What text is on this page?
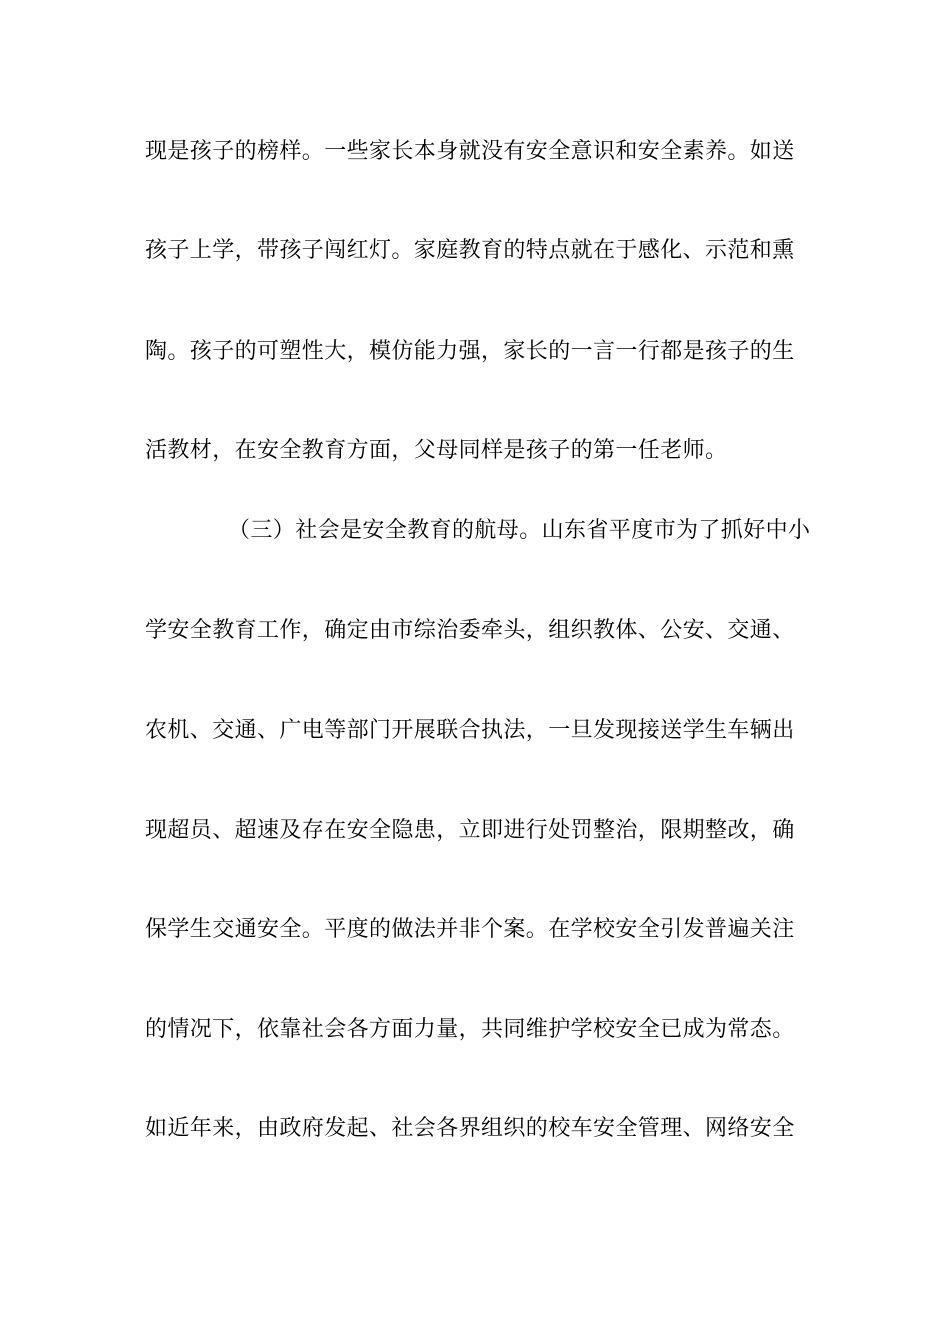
现是孩子的榜样。一些家长本身就没有安全意识和安全素养。如送
孩子上学，带孩子闯红灯。家庭教育的特点就在于感化、示范和熏
陶。孩子的可塑性大，模仿能力强，家长的一言一行都是孩子的生
活教材，在安全教育方面，父母同样是孩子的第一任老师。
（三）社会是安全教育的航母。山东省平度市为了抓好中小
学安全教育工作，确定由市综治委牵头，组织教体、公安、交通、
农机、交通、广电等部门开展联合执法，一旦发现接送学生车辆出
现超员、超速及存在安全隐患，立即进行处罚整治，限期整改，确
保学生交通安全。平度的做法并非个案。在学校安全引发普遍关注
的情况下，依靠社会各方面力量，共同维护学校安全已成为常态。
如近年来，由政府发起、社会各界组织的校车安全管理、网络安全
